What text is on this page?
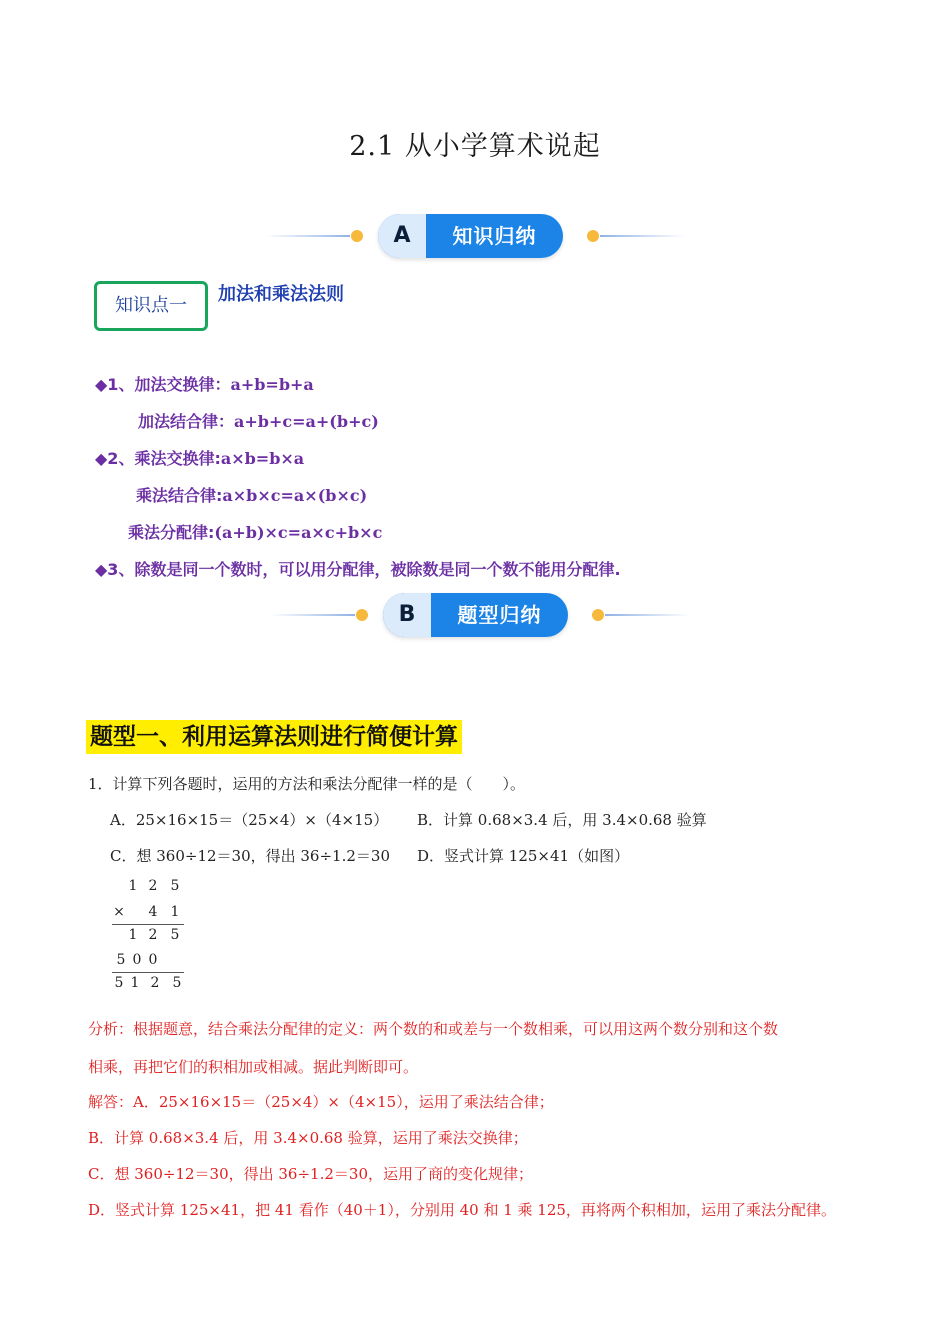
2.1 从小学算术说起
A	知识归纳
知识点一
加法和乘法法则
◆1、加法交换律：a+b=b+a
加法结合律：a+b+c=a+(b+c)
◆2、乘法交换律:a×b=b×a
乘法结合律:a×b×c=a×(b×c)
乘法分配律:(a+b)×c=a×c+b×c
◆3、除数是同一个数时，可以用分配律，被除数是同一个数不能用分配律.
B	题型归纳
题型一、利用运算法则进行简便计算
1．计算下列各题时，运用的方法和乘法分配律一样的是（　　）。
A．25×16×15＝（25×4）×（4×15） B．计算 0.68×3.4 后，用 3.4×0.68 验算
C．想 360÷12＝30，得出 36÷1.2＝30 D．竖式计算 125×41（如图）
1 2 5
× 4 1
1 2 5
5 0 0
5 1 2 5
分析：根据题意，结合乘法分配律的定义：两个数的和或差与一个数相乘，可以用这两个数分别和这个数
相乘，再把它们的积相加或相减。据此判断即可。
解答：A．25×16×15＝（25×4）×（4×15），运用了乘法结合律；
B．计算 0.68×3.4 后，用 3.4×0.68 验算，运用了乘法交换律；
C．想 360÷12＝30，得出 36÷1.2＝30，运用了商的变化规律；
D．竖式计算 125×41，把 41 看作（40＋1），分别用 40 和 1 乘 125，再将两个积相加，运用了乘法分配律。
